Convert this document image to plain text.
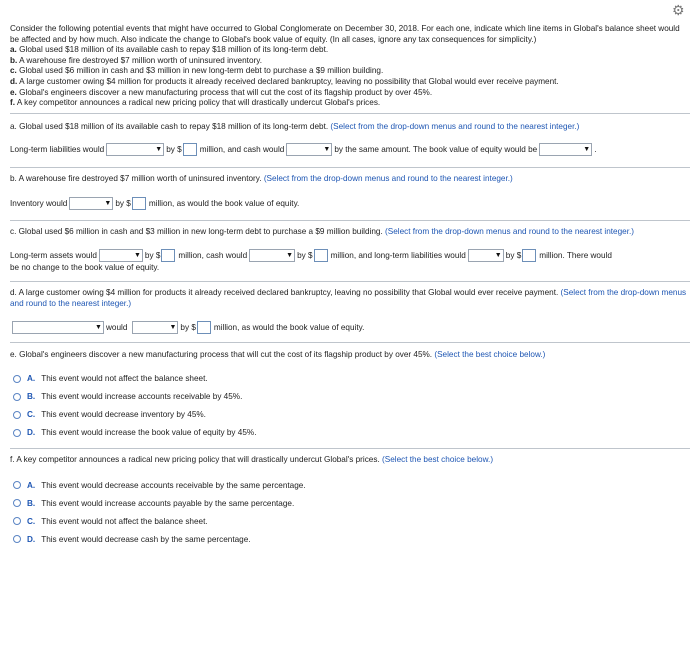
⚙

Consider the following potential events that might have occurred to Global Conglomerate on December 30, 2018. For each one, indicate which line items in Global's balance sheet would be affected and by how much. Also indicate the change to Global's book value of equity. (In all cases, ignore any tax consequences for simplicity.)

a. Global used $18 million of its available cash to repay $18 million of its long-term debt.

b. A warehouse fire destroyed $7 million worth of uninsured inventory.

c. Global used $6 million in cash and $3 million in new long-term debt to purchase a $9 million building.

d. A large customer owing $4 million for products it already received declared bankruptcy, leaving no possibility that Global would ever receive payment.

e. Global's engineers discover a new manufacturing process that will cut the cost of its flagship product by over 45%.

f. A key competitor announces a radical new pricing policy that will drastically undercut Global's prices.

a. Global used $18 million of its available cash to repay $18 million of its long-term debt. (Select from the drop-down menus and round to the nearest integer.)

Long-term liabilities would	▼ by $ million, and cash would	▼ by the same amount. The book value of equity would be	▼ .

b. A warehouse fire destroyed $7 million worth of uninsured inventory. (Select from the drop-down menus and round to the nearest integer.)

Inventory would	▼ by $ million, as would the book value of equity.

c. Global used $6 million in cash and $3 million in new long-term debt to purchase a $9 million building. (Select from the drop-down menus and round to the nearest integer.)

Long-term assets would	▼ by $ million, cash would	▼ by $ million, and long-term liabilities would	▼ by $ million. There would
be no change to the book value of equity.

d. A large customer owing $4 million for products it already received declared bankruptcy, leaving no possibility that Global would ever receive payment. (Select from the drop-down menus and round to the nearest integer.)

▼ would	▼ by $ million, as would the book value of equity.

e. Global's engineers discover a new manufacturing process that will cut the cost of its flagship product by over 45%. (Select the best choice below.)

A. This event would not affect the balance sheet.
B. This event would increase accounts receivable by 45%.
C. This event would decrease inventory by 45%.
D. This event would increase the book value of equity by 45%.

f. A key competitor announces a radical new pricing policy that will drastically undercut Global's prices. (Select the best choice below.)

A. This event would decrease accounts receivable by the same percentage.
B. This event would increase accounts payable by the same percentage.
C. This event would not affect the balance sheet.
D. This event would decrease cash by the same percentage.
